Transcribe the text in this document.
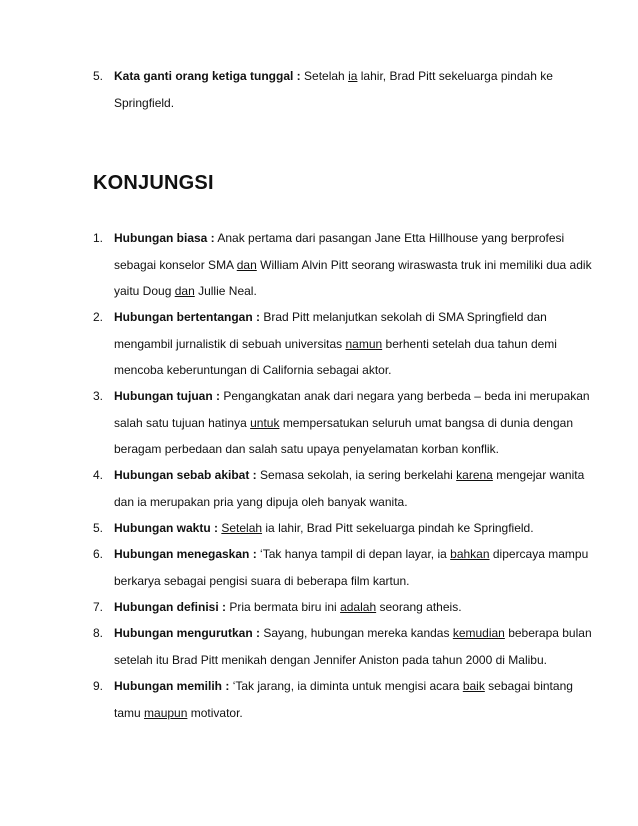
5. Kata ganti orang ketiga tunggal : Setelah ia lahir, Brad Pitt sekeluarga pindah ke Springfield.
KONJUNGSI
1. Hubungan biasa : Anak pertama dari pasangan Jane Etta Hillhouse yang berprofesi sebagai konselor SMA dan William Alvin Pitt seorang wiraswasta truk ini memiliki dua adik yaitu Doug dan Jullie Neal.
2. Hubungan bertentangan : Brad Pitt melanjutkan sekolah di SMA Springfield dan mengambil jurnalistik di sebuah universitas namun berhenti setelah dua tahun demi mencoba keberuntungan di California sebagai aktor.
3. Hubungan tujuan : Pengangkatan anak dari negara yang berbeda – beda ini merupakan salah satu tujuan hatinya untuk mempersatukan seluruh umat bangsa di dunia dengan beragam perbedaan dan salah satu upaya penyelamatan korban konflik.
4. Hubungan sebab akibat : Semasa sekolah, ia sering berkelahi karena mengejar wanita dan ia merupakan pria yang dipuja oleh banyak wanita.
5. Hubungan waktu : Setelah ia lahir, Brad Pitt sekeluarga pindah ke Springfield.
6. Hubungan menegaskan : ‘Tak hanya tampil di depan layar, ia bahkan dipercaya mampu berkarya sebagai pengisi suara di beberapa film kartun.
7. Hubungan definisi : Pria bermata biru ini adalah seorang atheis.
8. Hubungan mengurutkan : Sayang, hubungan mereka kandas kemudian beberapa bulan setelah itu Brad Pitt menikah dengan Jennifer Aniston pada tahun 2000 di Malibu.
9. Hubungan memilih : ‘Tak jarang, ia diminta untuk mengisi acara baik sebagai bintang tamu maupun motivator.
